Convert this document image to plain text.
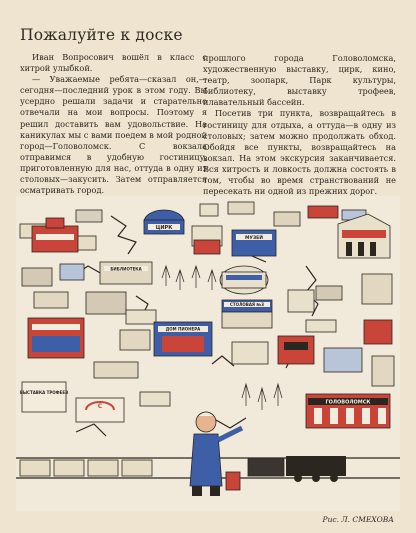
Пожалуйте к доске

Иван Вопросович вошёл в класс с хитрой улыбкой.

— Уважаемые ребята—сказал он,—сегодня—последний урок в этом году. Вы усердно решали задачи и старательно отвечали на мои вопросы. Поэтому я решил доставить вам удовольствие. На каникулах мы с вами поедем в мой родной город—Головоломск. С вокзала отправимся в удобную гостиницу, приготовленную для нас, оттуда в одну из столовых—закусить. Затем отправляется осматривать город.

прошлого города Головоломска, художественную выставку, цирк, кино, театр, зоопарк, Парк культуры, библиотеку, выставку трофеев, плавательный бассейн.

Посетив три пункта, возвращайтесь в гостиницу для отдыха, а оттуда—в одну из столовых; затем можно продолжать обход. Обойдя все пункты, возвращайтесь на вокзал. На этом экскурсия заканчивается. Вся хитрость и ловкость должна состоять в том, чтобы во время странствований не пересекать ни одной из прежних дорог.

ЦИРК
МУЗЕЙ
БИБЛИОТЕКА
СТОЛОВАЯ №3
ДОМ ПИОНЕРА
ВЫСТАВКА ТРОФЕЕВ
C
ГОЛОВОЛОМСК
Рис. Л. СМЕХОВА
